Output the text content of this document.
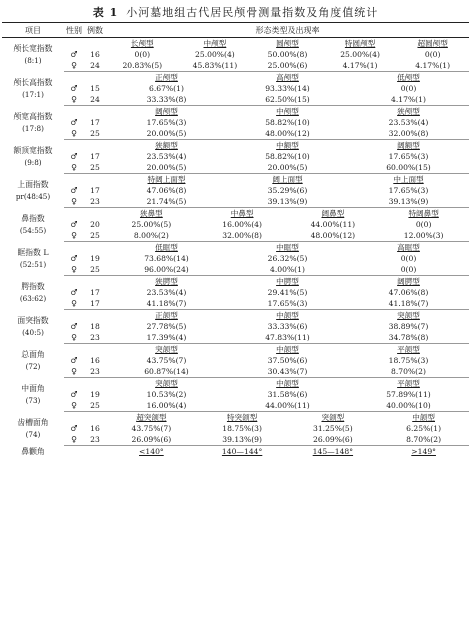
表 1 小河墓地组古代居民颅骨测量指数及角度值统计
项目	性别	例数	形态类型及出现率

颅长宽指数
(8:1)			长颅型 中颅型 圆颅型 特圆颅型 超圆颅型

	♂	16	0(0) 25.00%(4) 50.00%(8) 25.00%(4) 0(0)

	♀	24	20.83%(5) 45.83%(11) 25.00%(6) 4.17%(1) 4.17%(1)

颅长高指数
(17:1)			正颅型 高颅型 低颅型

	♂	15	6.67%(1) 93.33%(14) 0(0)

	♀	24	33.33%(8) 62.50%(15) 4.17%(1)

颅宽高指数
(17:8)			阔颅型 中颅型 狭颅型

	♂	17	17.65%(3) 58.82%(10) 23.53%(4)

	♀	25	20.00%(5) 48.00%(12) 32.00%(8)

额顶宽指数
(9:8)			狭额型 中额型 阔额型

	♂	17	23.53%(4) 58.82%(10) 17.65%(3)

	♀	25	20.00%(5) 20.00%(5) 60.00%(15)

上面指数
pr(48:45)			特阔上面型 阔上面型 中上面型

	♂	17	47.06%(8) 35.29%(6) 17.65%(3)

	♀	23	21.74%(5) 39.13%(9) 39.13%(9)

鼻指数
(54:55)			狭鼻型 中鼻型 阔鼻型 特阔鼻型

	♂	20	25.00%(5) 16.00%(4) 44.00%(11) 0(0)

	♀	25	8.00%(2) 32.00%(8) 48.00%(12) 12.00%(3)

眶指数 L
(52:51)			低眶型 中眶型 高眶型

	♂	19	73.68%(14) 26.32%(5) 0(0)

	♀	25	96.00%(24) 4.00%(1) 0(0)

腭指数
(63:62)			狭腭型 中腭型 阔腭型

	♂	17	23.53%(4) 29.41%(5) 47.06%(8)

	♀	17	41.18%(7) 17.65%(3) 41.18%(7)

面突指数
(40:5)			正颌型 中颌型 突颌型

	♂	18	27.78%(5) 33.33%(6) 38.89%(7)

	♀	23	17.39%(4) 47.83%(11) 34.78%(8)

总面角
(72)			突颌型 中颌型 平颌型

	♂	16	43.75%(7) 37.50%(6) 18.75%(3)

	♀	23	60.87%(14) 30.43%(7) 8.70%(2)

中面角
(73)			突颌型 中颌型 平颌型

	♂	19	10.53%(2) 31.58%(6) 57.89%(11)

	♀	25	16.00%(4) 44.00%(11) 40.00%(10)

齿槽面角
(74)			超突颌型 特突颌型 突颌型 中颌型

	♂	16	43.75%(7) 18.75%(3) 31.25%(5) 6.25%(1)

	♀	23	26.09%(6) 39.13%(9) 26.09%(6) 8.70%(2)

鼻颧角			<140° 140—144° 145—148° >149°
